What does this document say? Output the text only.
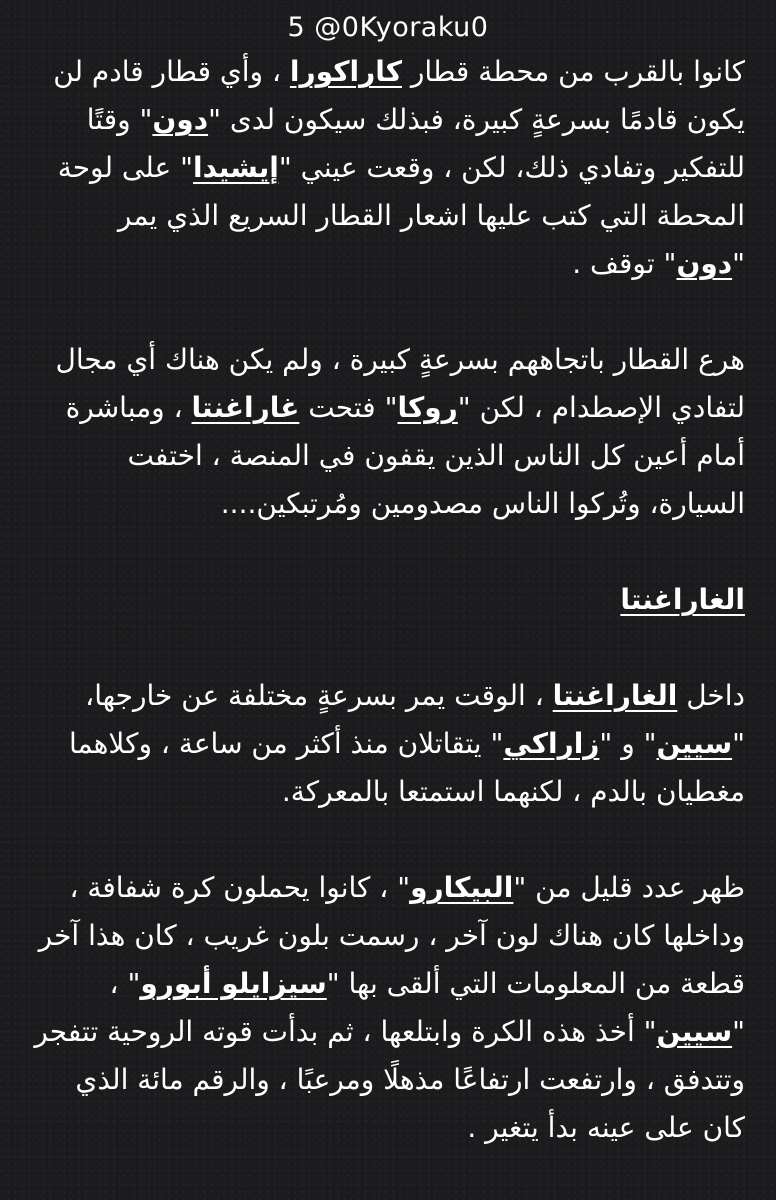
5 @0Kyoraku0

كانوا بالقرب من محطة قطار كاراكورا ، وأي قطار قادم لن يكون قادمًا بسرعةٍ كبيرة، فبذلك سيكون لدى "دون" وقتًا للتفكير وتفادي ذلك، لكن ، وقعت عيني "إيشيدا" على لوحة المحطة التي كتب عليها اشعار القطار السريع الذي يمر "دون" توقف .

هرع القطار باتجاههم بسرعةٍ كبيرة ، ولم يكن هناك أي مجال لتفادي الإصطدام ، لكن "روكا" فتحت غاراغنتا ، ومباشرة أمام أعين كل الناس الذين يقفون في المنصة ، اختفت السيارة، وتُركوا الناس مصدومين ومُرتبكين....

الغاراغنتا

داخل الغاراغنتا ، الوقت يمر بسرعةٍ مختلفة عن خارجها، "سيين" و "زاراكي" يتقاتلان منذ أكثر من ساعة ، وكلاهما مغطيان بالدم ، لكنهما استمتعا بالمعركة.

ظهر عدد قليل من "البيكارو" ، كانوا يحملون كرة شفافة ، وداخلها كان هناك لون آخر ، رسمت بلون غريب ، كان هذا آخر قطعة من المعلومات التي ألقى بها "سيزايلو أبورو" ، "سيين" أخذ هذه الكرة وابتلعها ، ثم بدأت قوته الروحية تتفجر وتتدفق ، وارتفعت ارتفاعًا مذهلًا ومرعبًا ، والرقم مائة الذي كان على عينه بدأ يتغير .
